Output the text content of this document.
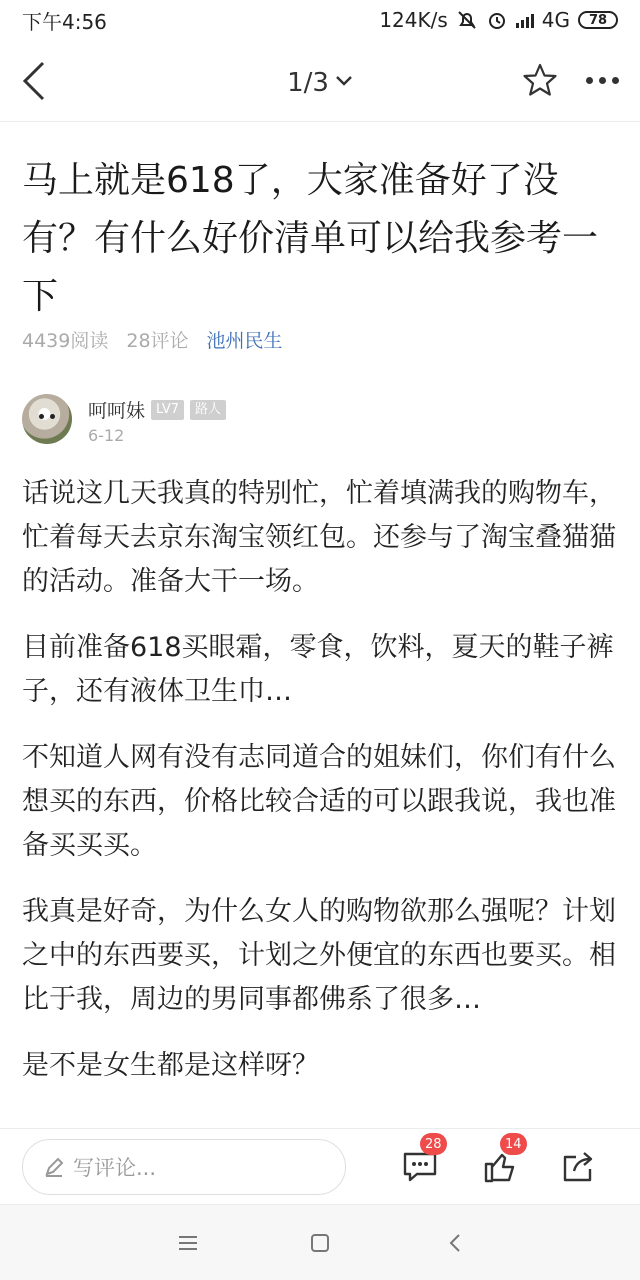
下午4:56	124K/s	4G	78
1/3
马上就是618了，大家准备好了没有？有什么好价清单可以给我参考一下
4439阅读 28评论 池州民生
呵呵妹 LV7	路人
6-12

话说这几天我真的特别忙，忙着填满我的购物车，忙着每天去京东淘宝领红包。还参与了淘宝叠猫猫的活动。准备大干一场。

目前准备618买眼霜，零食，饮料，夏天的鞋子裤子，还有液体卫生巾…

不知道人网有没有志同道合的姐妹们，你们有什么想买的东西，价格比较合适的可以跟我说，我也准备买买买。

我真是好奇，为什么女人的购物欲那么强呢？计划之中的东西要买，计划之外便宜的东西也要买。相比于我，周边的男同事都佛系了很多…

是不是女生都是这样呀？

写评论...
28	14
